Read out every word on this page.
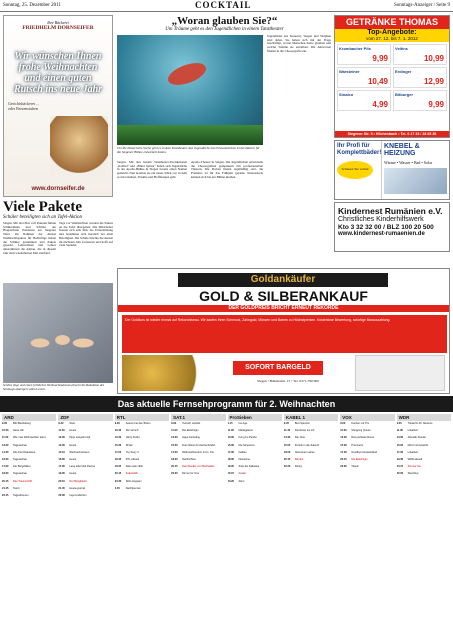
Sonntag, 25. Dezember 2011	COCKTAIL	Sonntags-Anzeiger / Seite 9
Ihre Bäckerei
FRIEDHELM DORNSEIFER
Wir wünschen Ihnen frohe Weihnachten und einen guten Rutsch ins neue Jahr
Gerichtsbäckerei ... oder Brezenstuben
www.dornseifer.de
Viele Pakete
Schüler beteiligten sich an Tafel-Aktion
Siegen. Mit drei Pkw voll Paketen fuhren Schülerinnen und Schüler der Hauptschule Weidenau zur Siegener Tafel. Im Rahmen der Aktion Weihnachtspakete für Bedürftige haben die Schüler gesammelt und Pakete gepackt. Lehrerinnen und Lehrer unterstützten die Aktion, die in diesem Jahr zum wiederholten Mal stattfand.
Tage vor Weihnachten wurden die Pakete an die Tafel übergeben. Die Mitarbeiter freuten sich sehr über die Unterstützung und bedankten sich herzlich bei allen Beteiligten. Die Schule möchte die Aktion im nächsten Jahr fortsetzen und hofft auf viele Spender.
„Woran glauben Sie?“
Um Träume geht es den Jugendlichen in einem Tanztheater
Um die tänzerische Suche geht es in dem Tanztheater, das Jugendliche mit ehrenamtlichen Unterstützern für die Siegener Bühne entwickelt haben.
Siegen. Mit den beiden Tanztheater-Produktionen „Kolibri“ und „Blind Spirits“ haben sich Jugendliche in der Apollo-Bühne in Siegen bereits einen Namen gemacht. Nun bereiten sie ein neues Stück vor, in dem es um Glauben, Träume und Hoffnungen geht.
Apollo-Theater in Siegen. Die Jugendlichen entwickeln die Choreografien gemeinsam mit professionellen Tänzern. Die Proben finden regelmäßig statt, die Premiere ist für das Frühjahr geplant. Interessierte können sich bei der Bühne melden.
Jugendliche aus Kreuztal, Siegen und Netphen sind dabei. Sie haben sich mit der Frage beschäftigt, woran Menschen heute glauben und welche Träume sie antreiben. Die Antworten fließen in die Choreografie ein.
GETRÄNKE THOMAS
Top-Angebote:
vom 27. 12. bis 7. 1. 2012
Krombacher Pils
9,99
Veltins
10,99
Warsteiner
10,49
Erdinger
12,99
Sinalco
4,99
Bitburger
9,99
Siegener Str. 5 • Hilchenbach • Tel. 0 27 33 / 28 65 36
Ihr Profi für Komplettbäder!
Schauen Sie vorbei
KNEBEL & HEIZUNG
Wärme • Wasser • Bad • Solar
Kindernest Rumänien e.V.
Christliches Kinderhilfswerk
Kto 3 32 32 00 / BLZ 100 20 500
www.kindernest-rumaenien.de
Goldankäufer
GOLD & SILBERANKAUF
DER GOLDPREIS BRICHT ERNEUT REKORDE
Der Goldkurs ist wieder einmal auf Rekordniveau. Wir kaufen Ihren Schmuck, Zahngold, Münzen und Barren zu Höchstpreisen. Kostenlose Bewertung, sofortige Barauszahlung.
SOFORT BARGELD
Siegen • Bahnhofstr. 15 • Tel. 0271-790 000
Schöne Tage und einen fröhlichen Weihnachtsabend wünscht die Redaktion des Sonntags-Anzeigers allen Lesern.
Das aktuelle Fernsehprogramm für 2. Weihnachten
ARD
9.00	Bibi Blocksberg
10.03	Hexe Lilli
11.50	Wie man Weihnachten feiert
13.00	Tagesschau
14.30	Die drei Musketiere
16.00	Tagesschau
17.00	Der Bergdoktor
18.00	Tagesschau
20.15	Das Traumschiff
21.45	Tatort
23.15	Tagesthemen
ZDF
9.30	Sissi
11.30	Heute
12.00	Pippi Langstrumpf
14.00	Heute
14.10	Weihnachtsmann
16.00	Heute
17.00	Lang lebe Ned Devine
19.00	Heute
20.15	Der Bergdoktor
21.45	Heute-journal
22.00	Inga Lindström
RTL
9.30	Asterix bei den Briten
10.40	Der Grinch
12.30	Harry Potter
15.20	Shrek
17.00	Toy Story 3
18.45	RTL Aktuell
19.05	Alles was zählt
20.15	Kokowääh
22.30	Stirb langsam
0.45	Nachtjournal
SAT.1
9.00	Tierisch verliebt
11.00	Die Eiskönigin
13.00	Hape Kerkeling
15.00	Drei Nüsse für Aschenbrödel
17.00	Weihnachtsmann & Co. KG
18.30	Nachrichten
20.15	Das Wunder von Manhattan
22.30	Dinner for One
ProSieben
9.15	Ice Age
11.00	Madagascar
13.00	Kung Fu Panda
15.00	Die Simpsons
17.00	Galileo
18.00	Newstime
19.05	Zwei bei Kallwass
20.15	Avatar
23.20	Alien
KABEL 1
9.45	Bud Spencer
11.40	Die Reise ins Ich
13.30	Der Clou
15.55	Zurück in die Zukunft
18.00	Abenteuer Leben
20.15	Rambo
22.20	Rocky
VOX
9.00	Kochen mit Tim
11.00	Shopping Queen
13.00	Das perfekte Dinner
15.00	Prominent
17.00	Goodbye Deutschland
20.15	Die Eiskönigin
22.00	Titanic
WDR
9.20	Tierärztin Dr. Mertens
11.00	Lokalzeit
13.00	Aktuelle Stunde
15.00	Mord mit Aussicht
17.00	Lokalzeit
19.30	WDR aktuell
20.15	Zimmer frei
22.00	Sketchup
